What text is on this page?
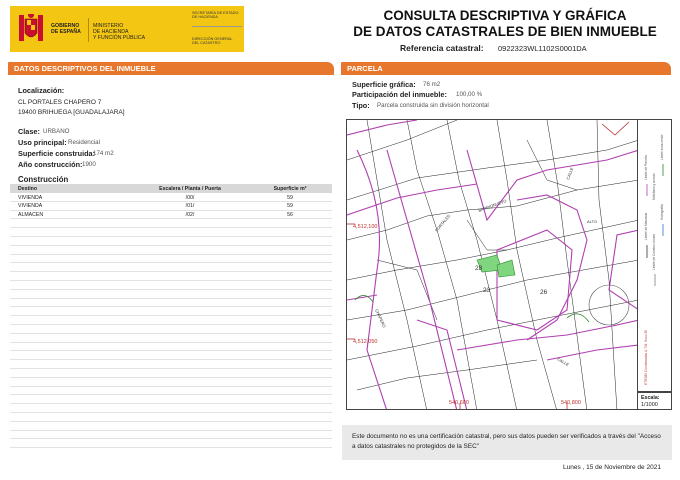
GOBIERNO
DE ESPAÑA
MINISTERIO
DE HACIENDA
Y FUNCIÓN PÚBLICA
SECRETARÍA DE ESTADO
DE HACIENDA
DIRECCIÓN GENERAL
DEL CATASTRO
CONSULTA DESCRIPTIVA Y GRÁFICA
DE DATOS CATASTRALES DE BIEN INMUEBLE
Referencia catastral: 0922323WL1102S0001DA
DATOS DESCRIPTIVOS DEL INMUEBLE	PARCELA
Localización:
CL PORTALES CHAPERO 7
19400 BRIHUEGA [GUADALAJARA]
Clase: URBANO
Uso principal: Residencial
Superficie construida:
174 m2
Año construcción: 1900
Construcción
Destino	Escalera / Planta / Puerta	Superficie m²
VIVIENDA	/00/	59
VIVIENDA	/01/	59
ALMACEN	/02/	56
Superficie gráfica: 76 m2
Participación del inmueble: 100,00 %
Tipo: Parcela construida sin división horizontal
4,512,100
4,512,050
540,600	540,800
28
23	26
PORTALES
CALLE
BARRIONUEVO
ALTO
CHAPERO
CALLE
Límite de Manzana
Límite de Parcela
Límite de Construcciones
Mobiliario y aceras
Límite zona verde
Hidrografía
ETRS89 Coordenadas U.T.M. Huso 30
Escala:
1/1000
Este documento no es una certificación catastral, pero sus datos pueden ser verificados a través del "Acceso a datos catastrales no protegidos de la SEC"
Lunes , 15 de Noviembre de 2021
